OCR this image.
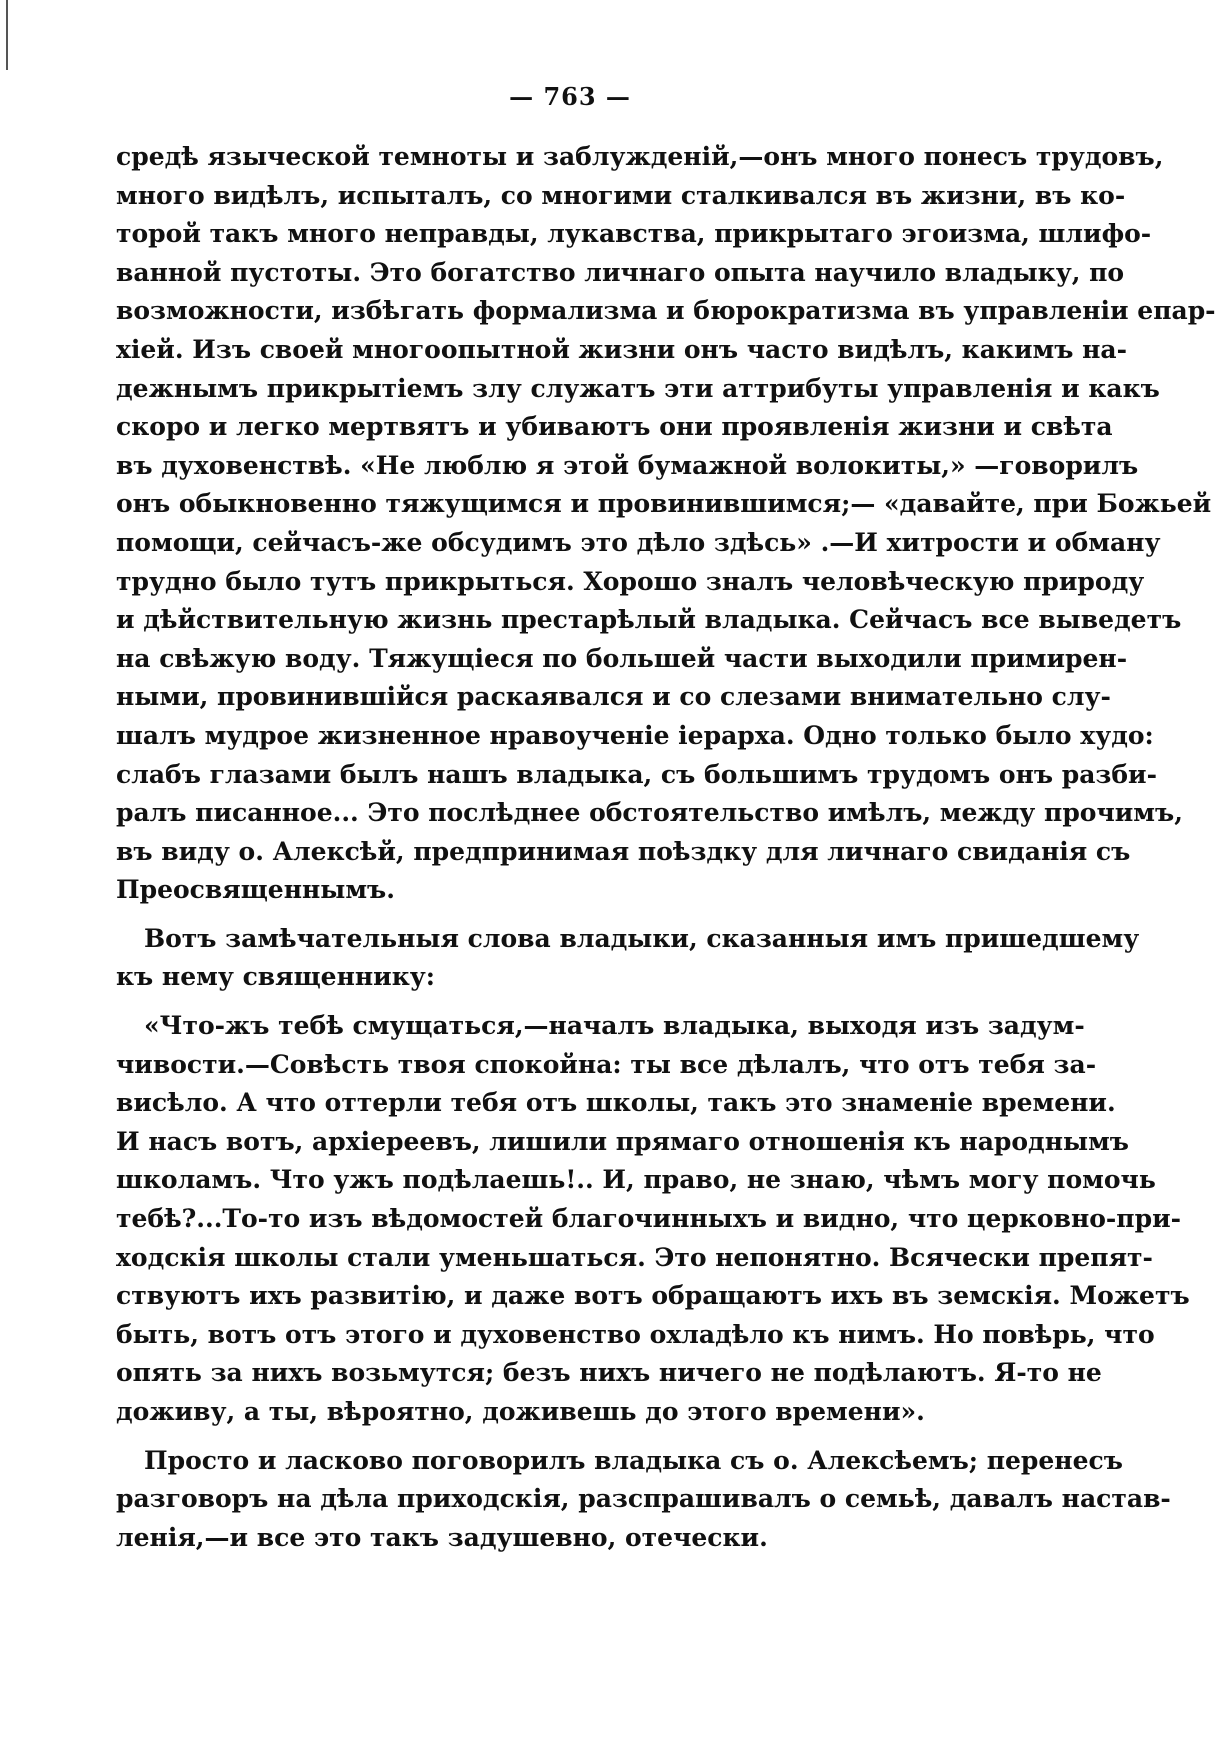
— 763 —
средѣ языческой темноты и заблужденій,—онъ много понесъ трудовъ,
много видѣлъ, испыталъ, со многими сталкивался въ жизни, въ ко-
торой такъ много неправды, лукавства, прикрытаго эгоизма, шлифо-
ванной пустоты. Это богатство личнаго опыта научило владыку, по
возможности, избѣгать формализма и бюрократизма въ управленіи епар-
хіей. Изъ своей многоопытной жизни онъ часто видѣлъ, какимъ на-
дежнымъ прикрытіемъ злу служатъ эти аттрибуты управленія и какъ
скоро и легко мертвятъ и убиваютъ они проявленія жизни и свѣта
въ духовенствѣ. «Не люблю я этой бумажной волокиты,» —говорилъ
онъ обыкновенно тяжущимся и провинившимся;— «давайте, при Божьей
помощи, сейчасъ-же обсудимъ это дѣло здѣсь» .—И хитрости и обману
трудно было тутъ прикрыться. Хорошо зналъ человѣческую природу
и дѣйствительную жизнь престарѣлый владыка. Сейчасъ все выведетъ
на свѣжую воду. Тяжущіеся по большей части выходили примирен-
ными, провинившійся раскаявался и со слезами внимательно слу-
шалъ мудрое жизненное нравоученіе іерарха. Одно только было худо:
слабъ глазами былъ нашъ владыка, съ большимъ трудомъ онъ разби-
ралъ писанное... Это послѣднее обстоятельство имѣлъ, между прочимъ,
въ виду о. Алексѣй, предпринимая поѣздку для личнаго свиданія съ
Преосвященнымъ.
Вотъ замѣчательныя слова владыки, сказанныя имъ пришедшему
къ нему священнику:
«Что-жъ тебѣ смущаться,—началъ владыка, выходя изъ задум-
чивости.—Совѣсть твоя спокойна: ты все дѣлалъ, что отъ тебя за-
висѣло. А что оттерли тебя отъ школы, такъ это знаменіе времени.
И насъ вотъ, архіереевъ, лишили прямаго отношенія къ народнымъ
школамъ. Что ужъ подѣлаешь!.. И, право, не знаю, чѣмъ могу помочь
тебѣ?...То-то изъ вѣдомостей благочинныхъ и видно, что церковно-при-
ходскія школы стали уменьшаться. Это непонятно. Всячески препят-
ствуютъ ихъ развитію, и даже вотъ обращаютъ ихъ въ земскія. Можетъ
быть, вотъ отъ этого и духовенство охладѣло къ нимъ. Но повѣрь, что
опять за нихъ возьмутся; безъ нихъ ничего не подѣлаютъ. Я-то не
доживу, а ты, вѣроятно, доживешь до этого времени».
Просто и ласково поговорилъ владыка съ о. Алексѣемъ; перенесъ
разговоръ на дѣла приходскія, разспрашивалъ о семьѣ, давалъ настав-
ленія,—и все это такъ задушевно, отечески.
